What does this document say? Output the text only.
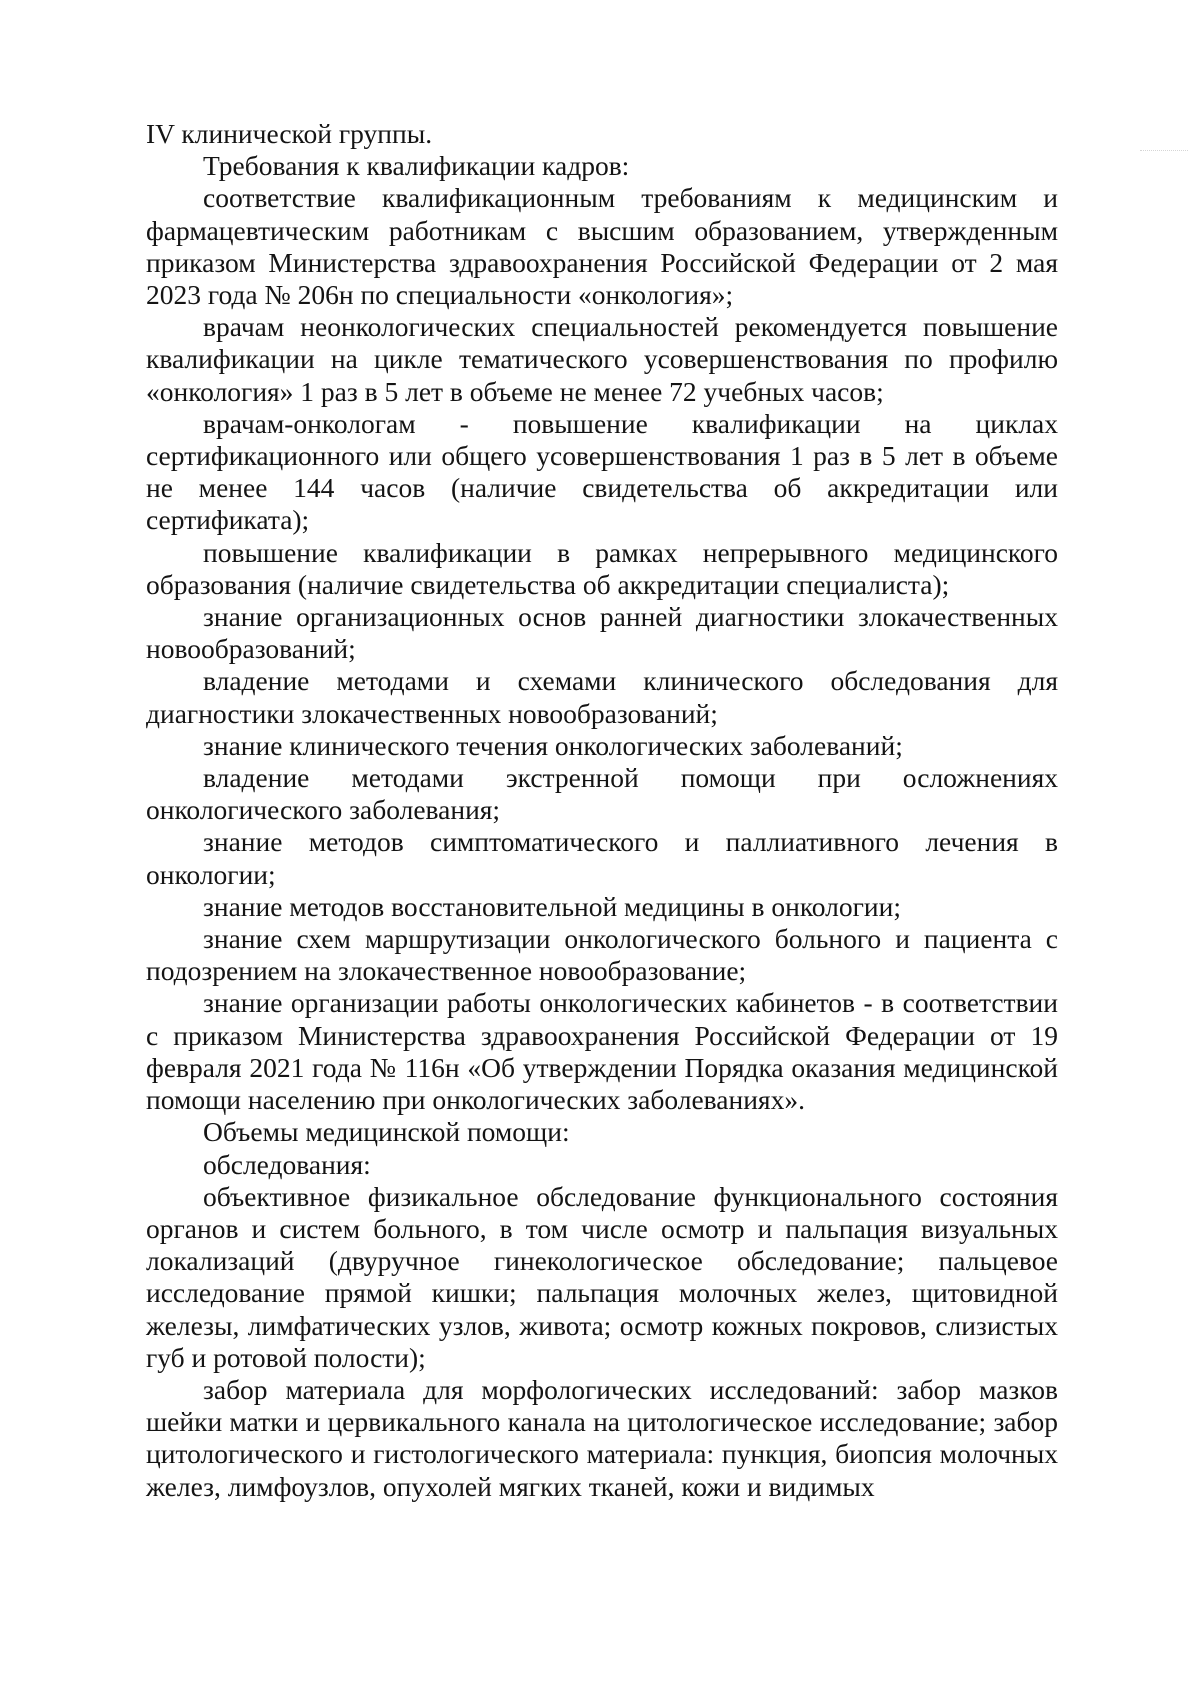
IV клинической группы.

Требования к квалификации кадров:

соответствие квалификационным требованиям к медицинским и фармацевтическим работникам с высшим образованием, утвержденным приказом Министерства здравоохранения Российской Федерации от 2 мая 2023 года № 206н по специальности «онкология»;

врачам неонкологических специальностей рекомендуется повышение квалификации на цикле тематического усовершенствования по профилю «онкология» 1 раз в 5 лет в объеме не менее 72 учебных часов;

врачам-онкологам - повышение квалификации на циклах сертификационного или общего усовершенствования 1 раз в 5 лет в объеме не менее 144 часов (наличие свидетельства об аккредитации или сертификата);

повышение квалификации в рамках непрерывного медицинского образования (наличие свидетельства об аккредитации специалиста);

знание организационных основ ранней диагностики злокачественных новообразований;

владение методами и схемами клинического обследования для диагностики злокачественных новообразований;

знание клинического течения онкологических заболеваний;

владение методами экстренной помощи при осложнениях онкологического заболевания;

знание методов симптоматического и паллиативного лечения в онкологии;

знание методов восстановительной медицины в онкологии;

знание схем маршрутизации онкологического больного и пациента с подозрением на злокачественное новообразование;

знание организации работы онкологических кабинетов - в соответствии с приказом Министерства здравоохранения Российской Федерации от 19 февраля 2021 года № 116н «Об утверждении Порядка оказания медицинской помощи населению при онкологических заболеваниях».

Объемы медицинской помощи:

обследования:

объективное физикальное обследование функционального состояния органов и систем больного, в том числе осмотр и пальпация визуальных локализаций (двуручное гинекологическое обследование; пальцевое исследование прямой кишки; пальпация молочных желез, щитовидной железы, лимфатических узлов, живота; осмотр кожных покровов, слизистых губ и ротовой полости);

забор материала для морфологических исследований: забор мазков шейки матки и цервикального канала на цитологическое исследование; забор цитологического и гистологического материала: пункция, биопсия молочных желез, лимфоузлов, опухолей мягких тканей, кожи и видимых
